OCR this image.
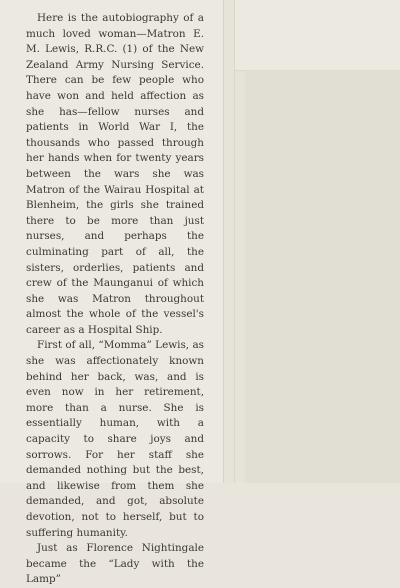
Here is the autobiography of a much loved woman—Matron E. M. Lewis, R.R.C. (1) of the New Zealand Army Nursing Service. There can be few people who have won and held affection as she has—fellow nurses and patients in World War I, the thousands who passed through her hands when for twenty years between the wars she was Matron of the Wairau Hospital at Blenheim, the girls she trained there to be more than just nurses, and perhaps the culminating part of all, the sisters, orderlies, patients and crew of the Maunganui of which she was Matron throughout almost the whole of the vessel's career as a Hospital Ship.

First of all, “Momma” Lewis, as she was affectionately known behind her back, was, and is even now in her retirement, more than a nurse. She is essentially human, with a capacity to share joys and sorrows. For her staff she demanded nothing but the best, and likewise from them she demanded, and got, absolute devotion, not to herself, but to suffering humanity.

Just as Florence Nightingale became the “Lady with the Lamp”
